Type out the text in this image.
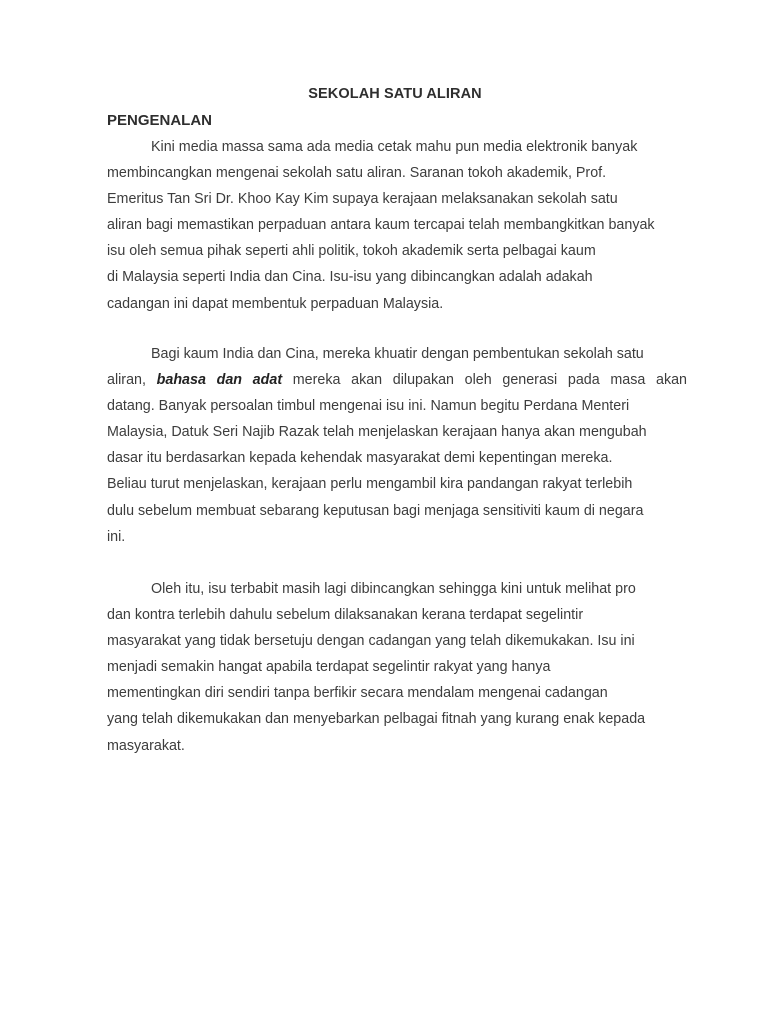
SEKOLAH SATU ALIRAN
PENGENALAN
Kini media massa sama ada media cetak mahu pun media elektronik banyak
membincangkan mengenai sekolah satu aliran. Saranan tokoh akademik, Prof.
Emeritus Tan Sri Dr. Khoo Kay Kim supaya kerajaan melaksanakan sekolah satu
aliran bagi memastikan perpaduan antara kaum tercapai telah membangkitkan banyak
isu oleh semua pihak seperti ahli politik, tokoh akademik serta pelbagai kaum
di Malaysia seperti India dan Cina. Isu-isu yang dibincangkan adalah adakah
cadangan ini dapat membentuk perpaduan Malaysia.
Bagi kaum India dan Cina, mereka khuatir dengan pembentukan sekolah satu
aliran, bahasa dan adat mereka akan dilupakan oleh generasi pada masa akan
datang. Banyak persoalan timbul mengenai isu ini. Namun begitu Perdana Menteri
Malaysia, Datuk Seri Najib Razak telah menjelaskan kerajaan hanya akan mengubah
dasar itu berdasarkan kepada kehendak masyarakat demi kepentingan mereka.
Beliau turut menjelaskan, kerajaan perlu mengambil kira pandangan rakyat terlebih
dulu sebelum membuat sebarang keputusan bagi menjaga sensitiviti kaum di negara
ini.
Oleh itu, isu terbabit masih lagi dibincangkan sehingga kini untuk melihat pro
dan kontra terlebih dahulu sebelum dilaksanakan kerana terdapat segelintir
masyarakat yang tidak bersetuju dengan cadangan yang telah dikemukakan. Isu ini
menjadi semakin hangat apabila terdapat segelintir rakyat yang hanya
mementingkan diri sendiri tanpa berfikir secara mendalam mengenai cadangan
yang telah dikemukakan dan menyebarkan pelbagai fitnah yang kurang enak kepada
masyarakat.
